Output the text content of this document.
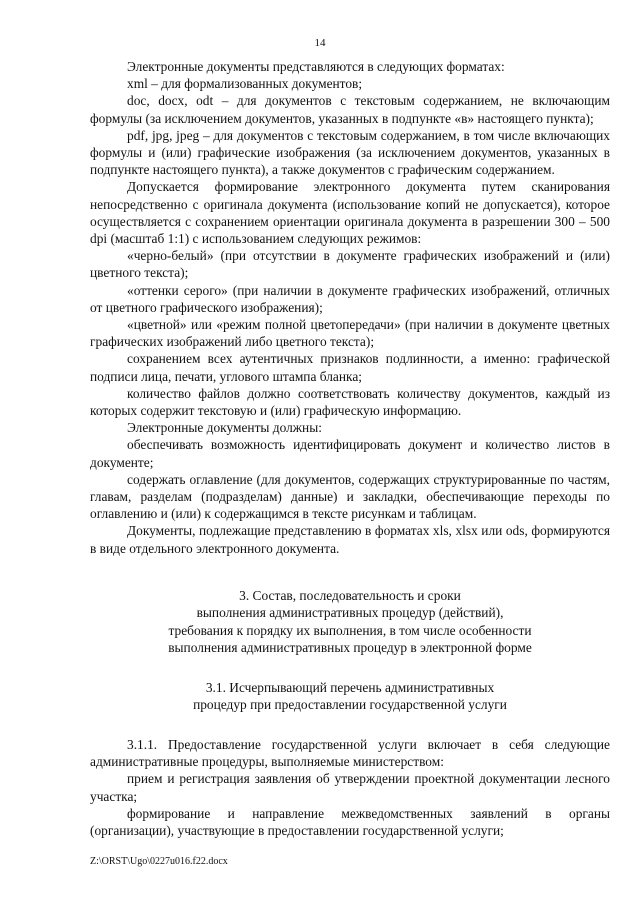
14

Электронные документы представляются в следующих форматах:

xml – для формализованных документов;

doc, docx, odt – для документов с текстовым содержанием, не включающим формулы (за исключением документов, указанных в подпункте «в» настоящего пункта);

pdf, jpg, jpeg – для документов с текстовым содержанием, в том числе включающих формулы и (или) графические изображения (за исключением документов, указанных в подпункте настоящего пункта), а также документов с графическим содержанием.

Допускается формирование электронного документа путем сканирования непосредственно с оригинала документа (использование копий не допускается), которое осуществляется с сохранением ориентации оригинала документа в разрешении 300 – 500 dpi (масштаб 1:1) с использованием следующих режимов:

«черно-белый» (при отсутствии в документе графических изображений и (или) цветного текста);

«оттенки серого» (при наличии в документе графических изображений, отличных от цветного графического изображения);

«цветной» или «режим полной цветопередачи» (при наличии в документе цветных графических изображений либо цветного текста);

сохранением всех аутентичных признаков подлинности, а именно: графической подписи лица, печати, углового штампа бланка;

количество файлов должно соответствовать количеству документов, каждый из которых содержит текстовую и (или) графическую информацию.

Электронные документы должны:

обеспечивать возможность идентифицировать документ и количество листов в документе;

содержать оглавление (для документов, содержащих структурированные по частям, главам, разделам (подразделам) данные) и закладки, обеспечивающие переходы по оглавлению и (или) к содержащимся в тексте рисункам и таблицам.

Документы, подлежащие представлению в форматах xls, xlsx или ods, формируются в виде отдельного электронного документа.

3. Состав, последовательность и сроки
выполнения административных процедур (действий),
требования к порядку их выполнения, в том числе особенности
выполнения административных процедур в электронной форме
3.1. Исчерпывающий перечень административных
процедур при предоставлении государственной услуги

3.1.1. Предоставление государственной услуги включает в себя следующие административные процедуры, выполняемые министерством:

прием и регистрация заявления об утверждении проектной документации лесного участка;

формирование и направление межведомственных заявлений в органы (организации), участвующие в предоставлении государственной услуги;

Z:\ORST\Ugo\0227u016.f22.docx
